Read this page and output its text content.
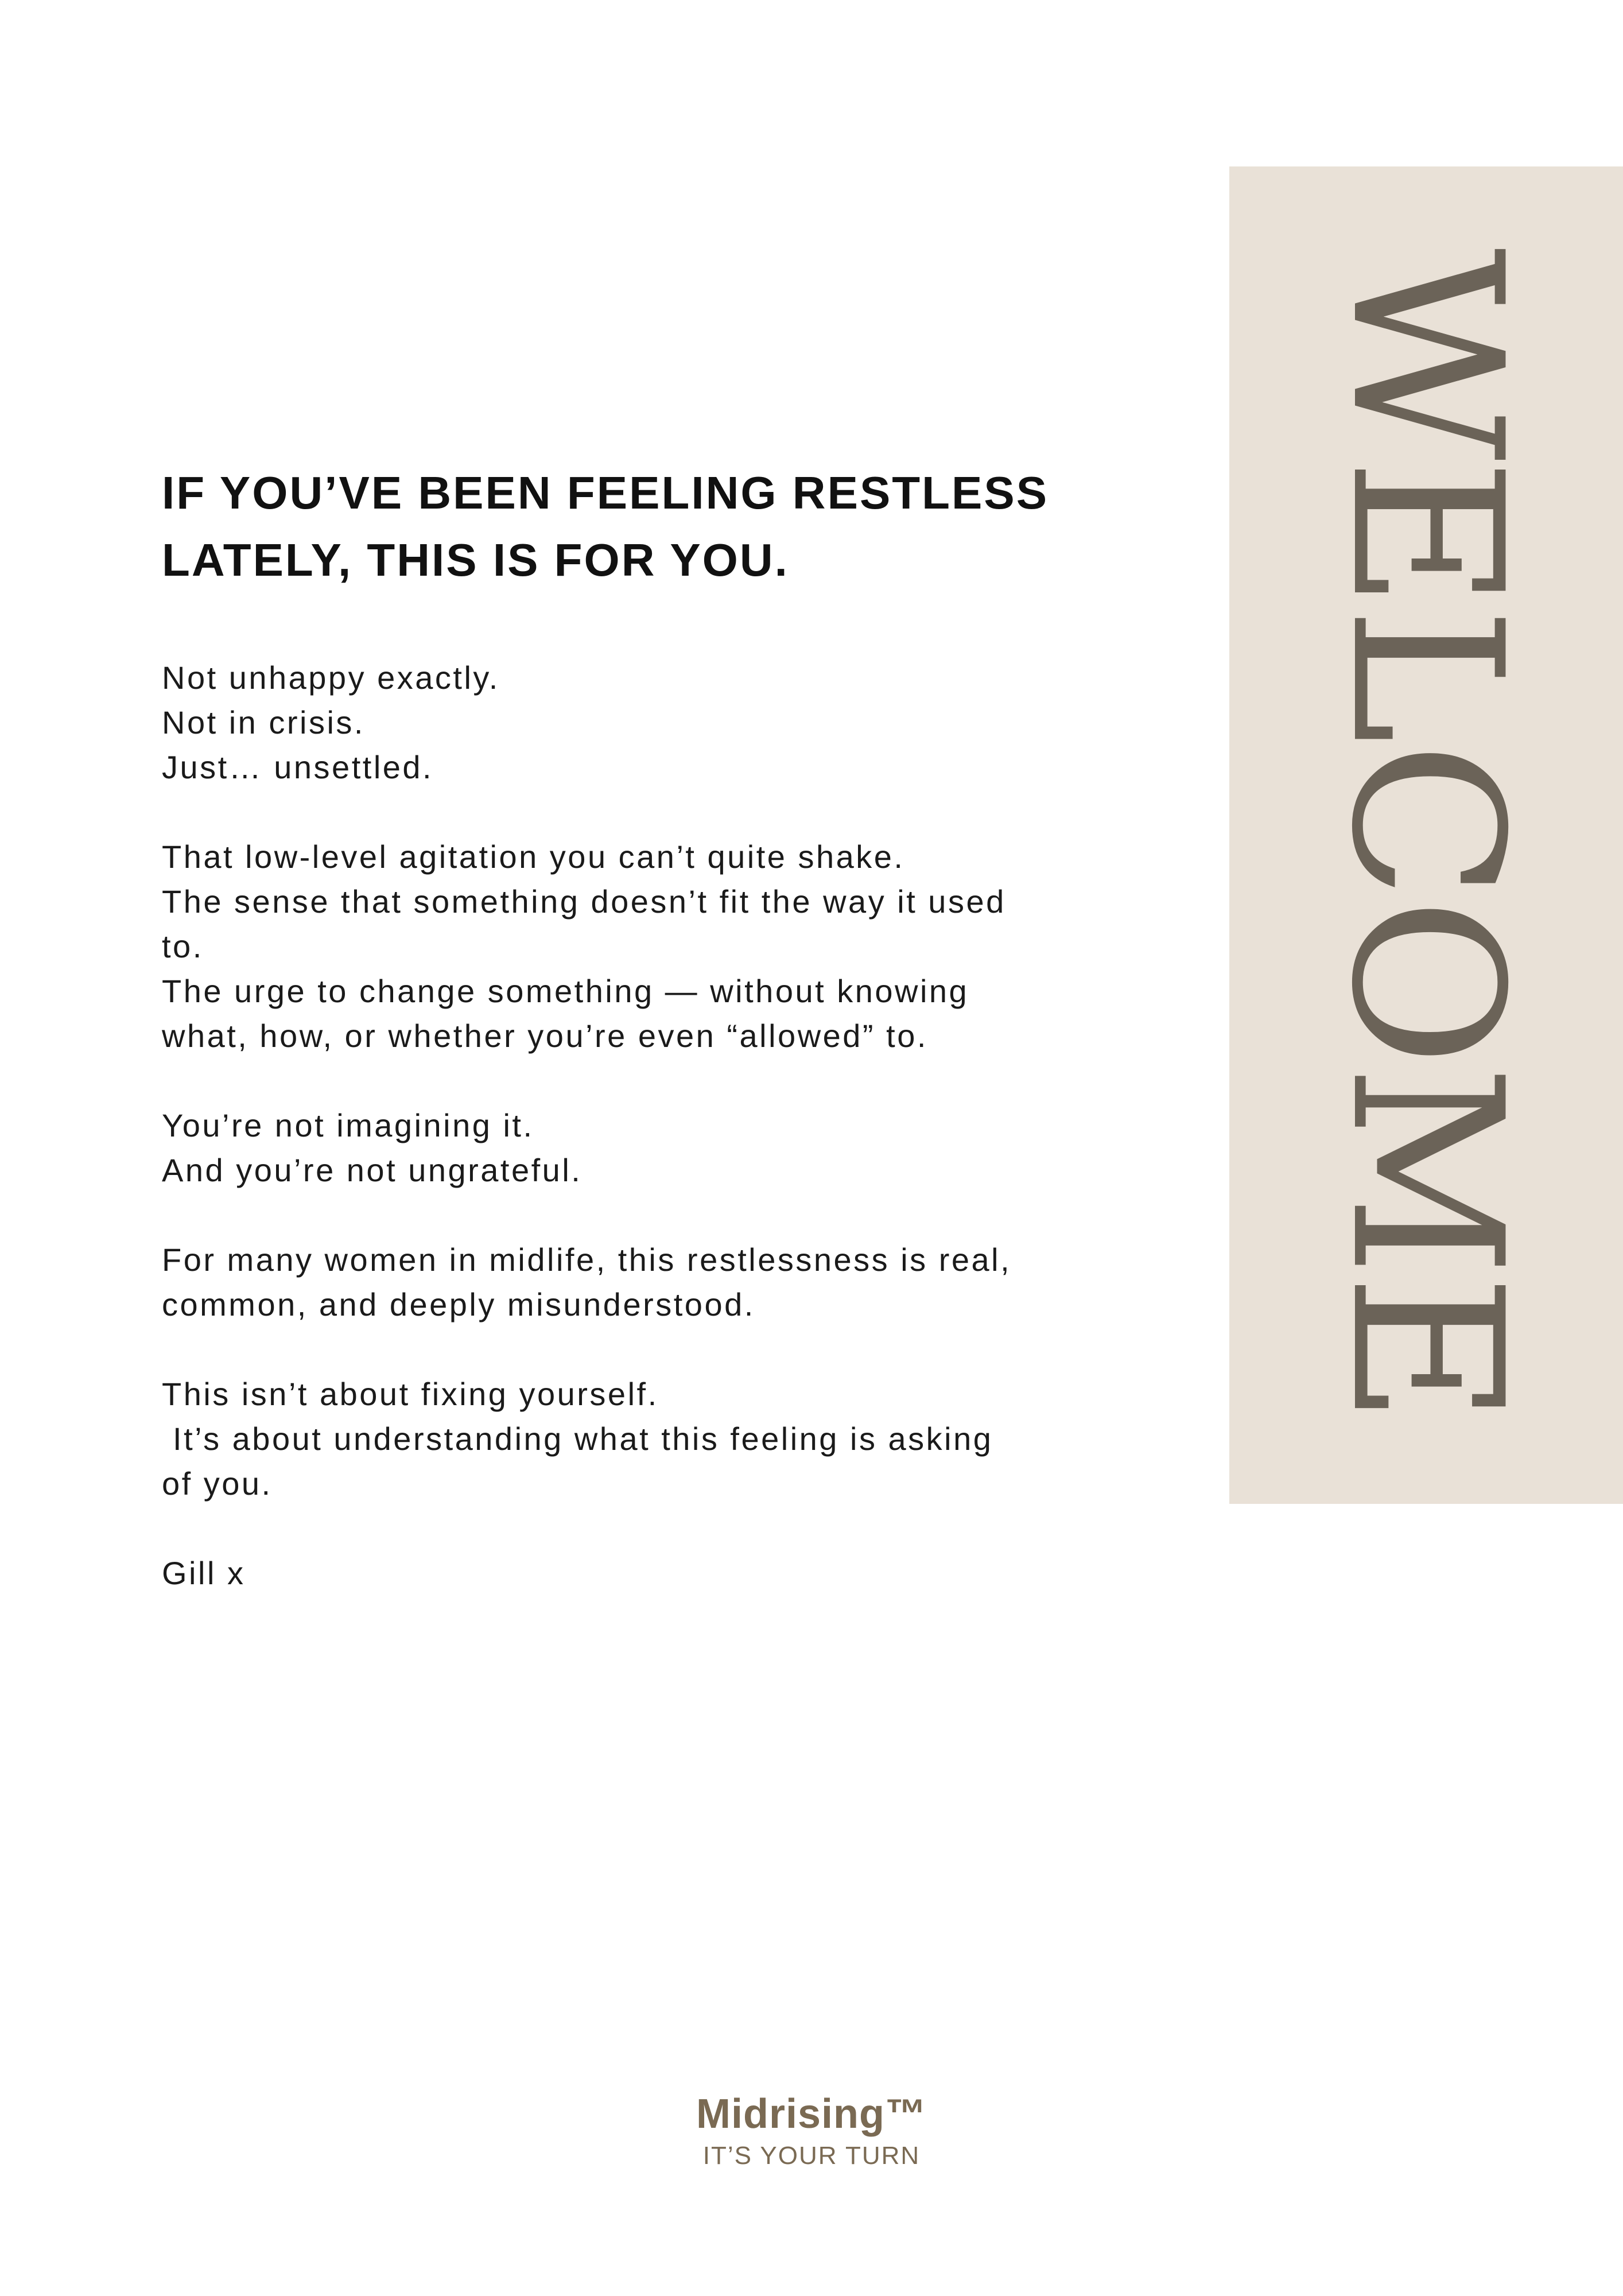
WELCOME
IF YOU’VE BEEN FEELING RESTLESS
LATELY, THIS IS FOR YOU.
Not unhappy exactly.
Not in crisis.
Just… unsettled.
That low-level agitation you can’t quite shake.
The sense that something doesn’t fit the way it used
to.
The urge to change something — without knowing
what, how, or whether you’re even “allowed” to.
You’re not imagining it.
And you’re not ungrateful.
For many women in midlife, this restlessness is real,
common, and deeply misunderstood.
This isn’t about fixing yourself.
It’s about understanding what this feeling is asking
of you.
Gill x
Midrising™
IT’S YOUR TURN
